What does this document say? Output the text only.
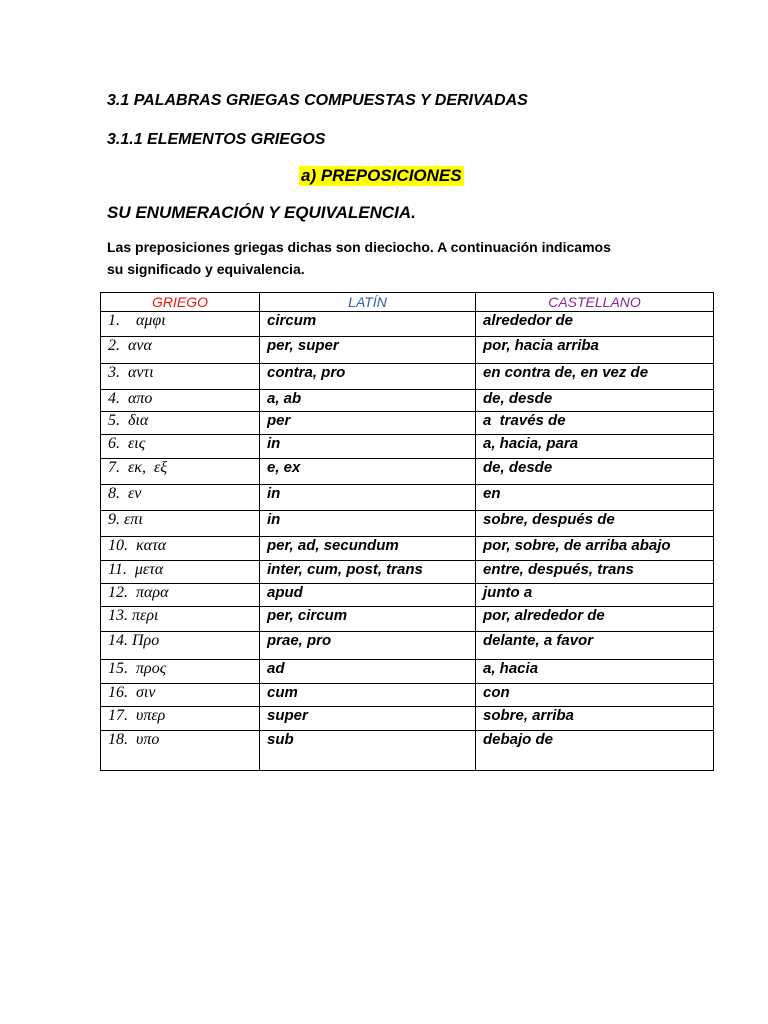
3.1 PALABRAS GRIEGAS COMPUESTAS Y DERIVADAS
3.1.1 ELEMENTOS GRIEGOS
a) PREPOSICIONES
SU ENUMERACIÓN Y EQUIVALENCIA.
Las preposiciones griegas dichas son dieciocho. A continuación indicamos
su significado y equivalencia.
GRIEGO	LATÍN	CASTELLANO
1.    αμφι	circum	alrededor de
2.  ανα	per, super	por, hacia arriba
3.  αντι	contra, pro	en contra de, en vez de
4.  απο	a, ab	de, desde
5.  δια	per	a  través de
6.  εις	in	a, hacia, para
7.  εκ,  εξ	e, ex	de, desde
8.  εν	in	en
9. επι	in	sobre, después de
10.  κατα	per, ad, secundum	por, sobre, de arriba abajo
11.  μετα	inter, cum, post, trans	entre, después, trans
12.  παρα	apud	junto a
13. περι	per, circum	por, alrededor de
14. Προ	prae, pro	delante, a favor
15.  προς	ad	a, hacia
16.  σιν	cum	con
17.  υπερ	super	sobre, arriba
18.  υπο	sub	debajo de
